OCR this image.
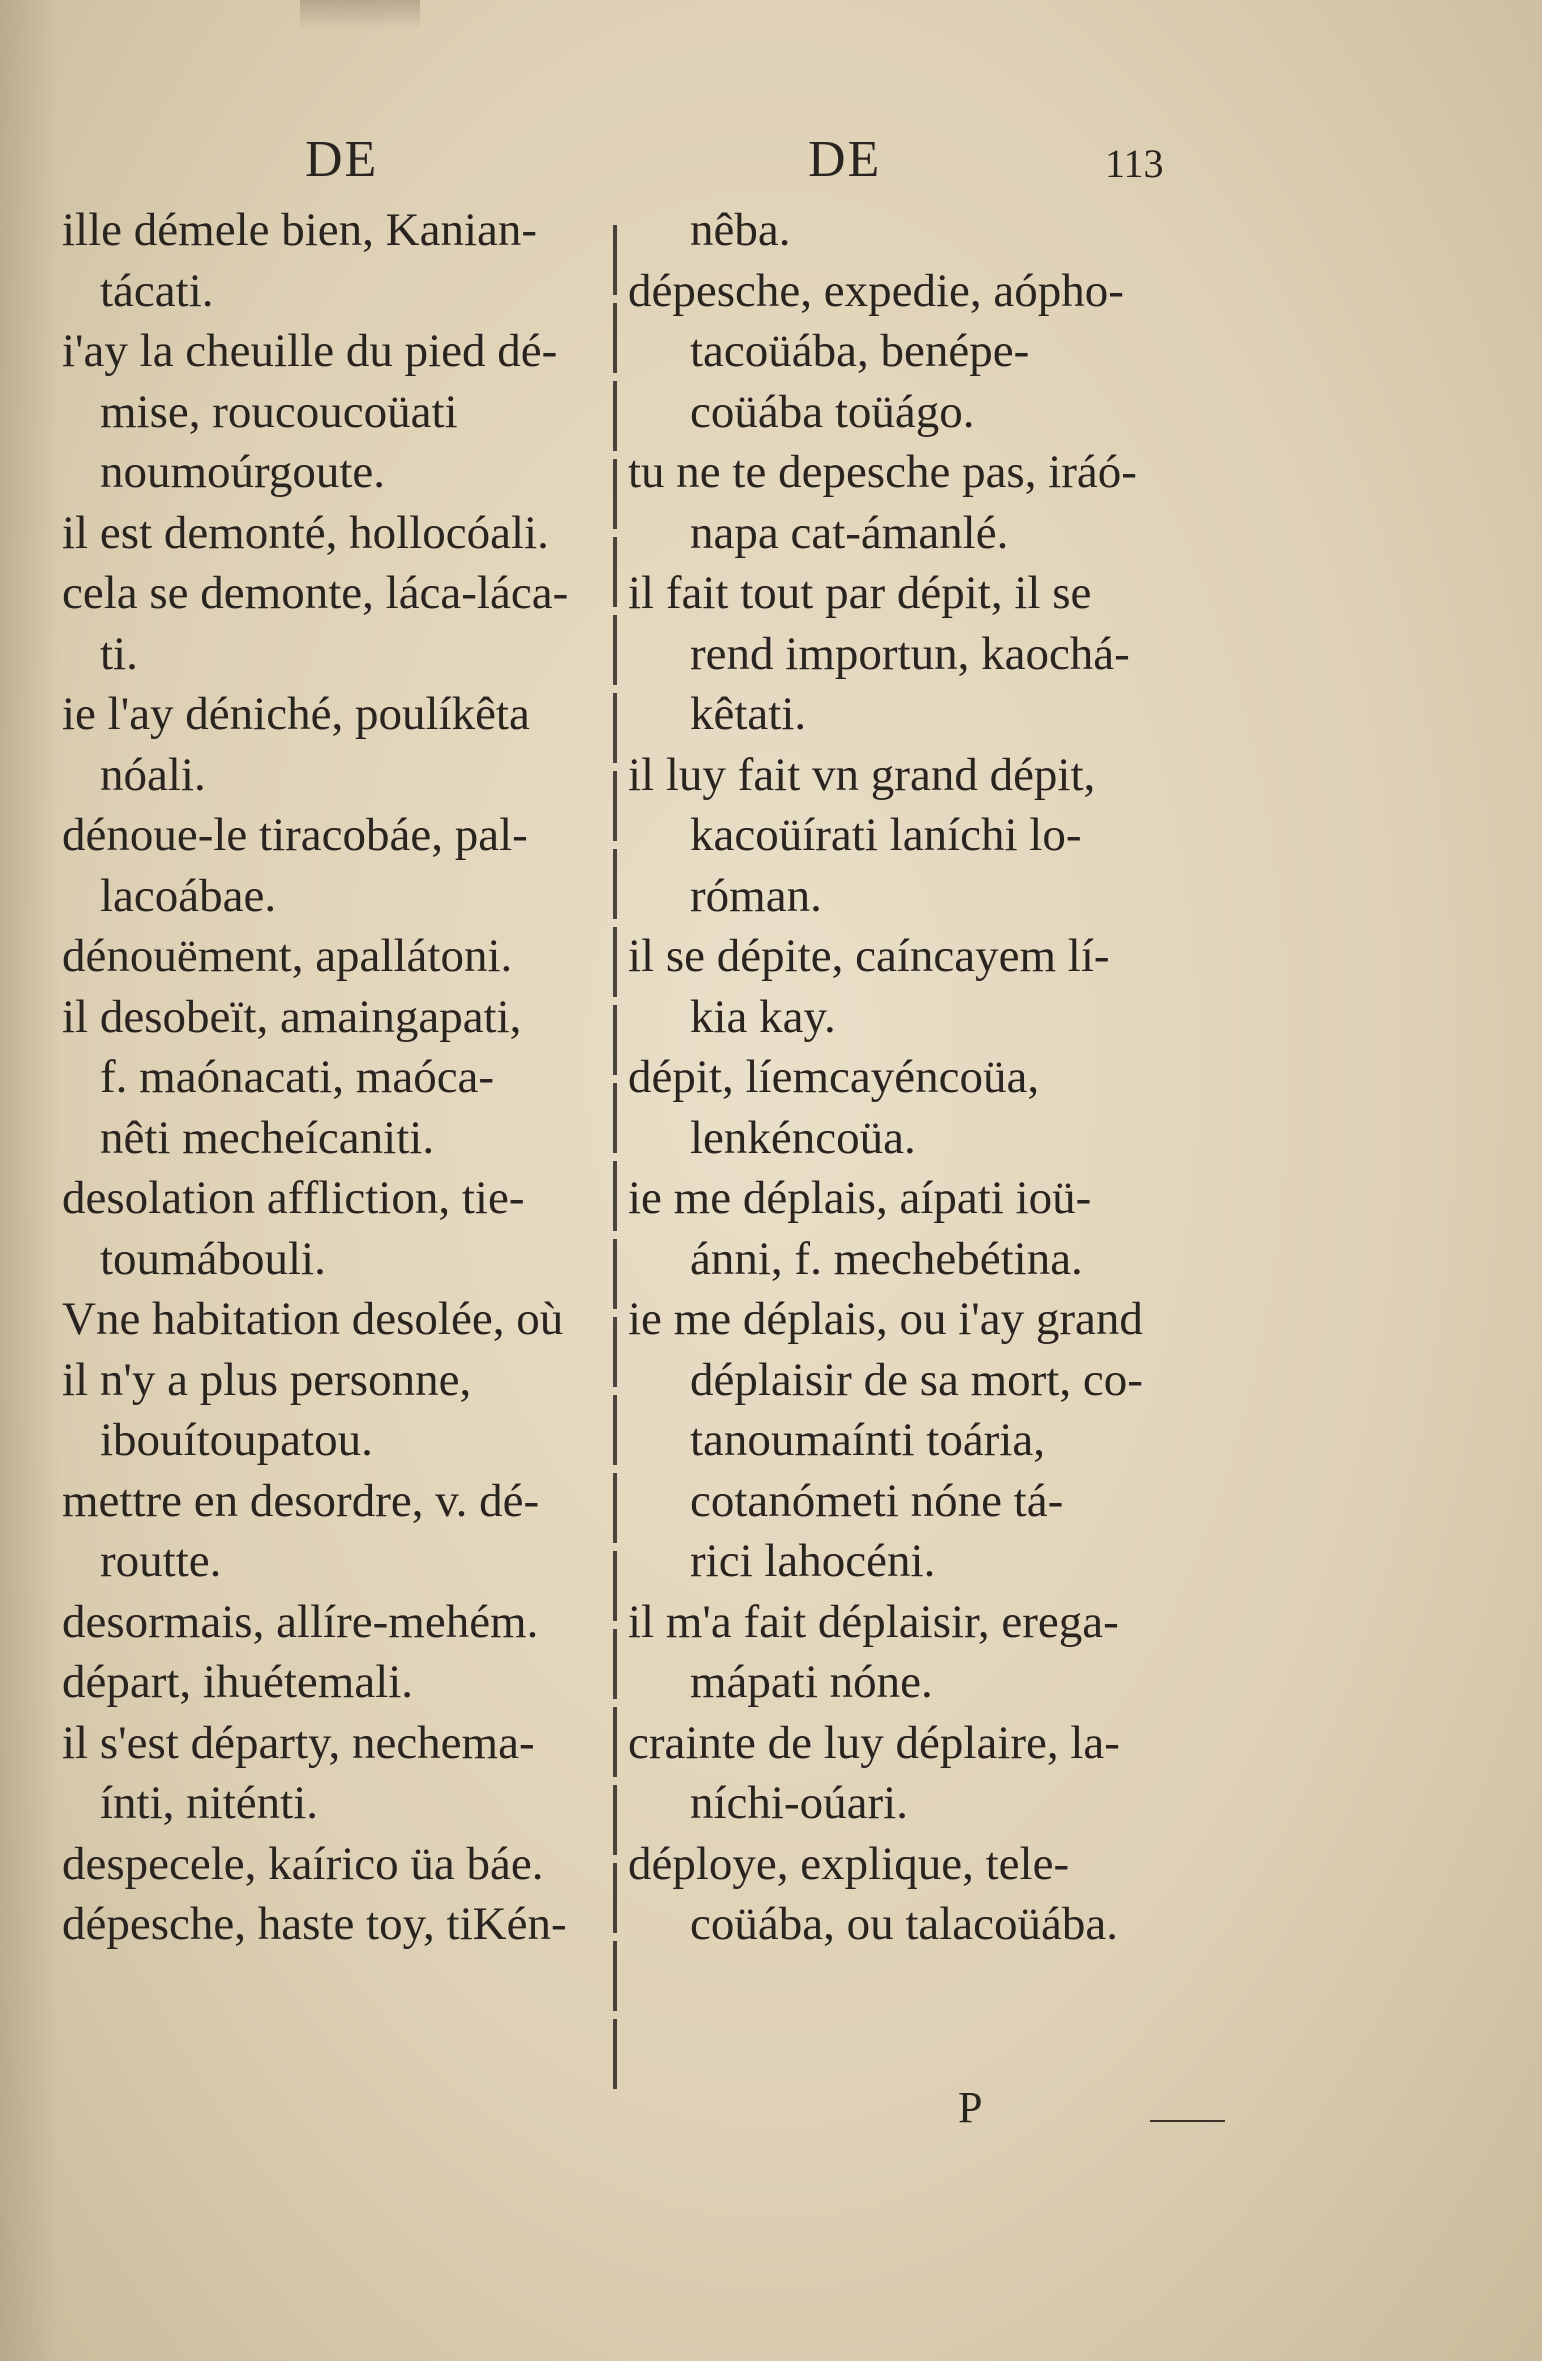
DE	DE	113
ille démele bien, Kanian-
tácati.
i'ay la cheuille du pied dé-
mise, roucoucoüati
noumoúrgoute.
il est demonté, hollocóali.
cela se demonte, láca-láca-
ti.
ie l'ay déniché, poulíkêta
nóali.
dénoue-le tiracobáe, pal-
lacoábae.
dénouëment, apallátoni.
il desobeït, amaingapati,
f. maónacati, maóca-
nêti mecheícaniti.
desolation affliction, tie-
toumábouli.
Vne habitation desolée, où
il n'y a plus personne,
ibouítoupatou.
mettre en desordre, v. dé-
routte.
desormais, allíre-mehém.
départ, ihuétemali.
il s'est départy, nechema-
ínti, niténti.
despecele, kaírico üa báe.
dépesche, haste toy, tiKén-
nêba.
dépesche, expedie, aópho-
tacoüába, benépe-
coüába toüágo.
tu ne te depesche pas, iráó-
napa cat-ámanlé.
il fait tout par dépit, il se
rend importun, kaochá-
kêtati.
il luy fait vn grand dépit,
kacoüírati laníchi lo-
róman.
il se dépite, caíncayem lí-
kia kay.
dépit, líemcayéncoüa,
lenkéncoüa.
ie me déplais, aípati ioü-
ánni, f. mechebétina.
ie me déplais, ou i'ay grand
déplaisir de sa mort, co-
tanoumaínti toária,
cotanómeti nóne tá-
rici lahocéni.
il m'a fait déplaisir, erega-
mápati nóne.
crainte de luy déplaire, la-
níchi-oúari.
déploye, explique, tele-
coüába, ou talacoüába.
P
